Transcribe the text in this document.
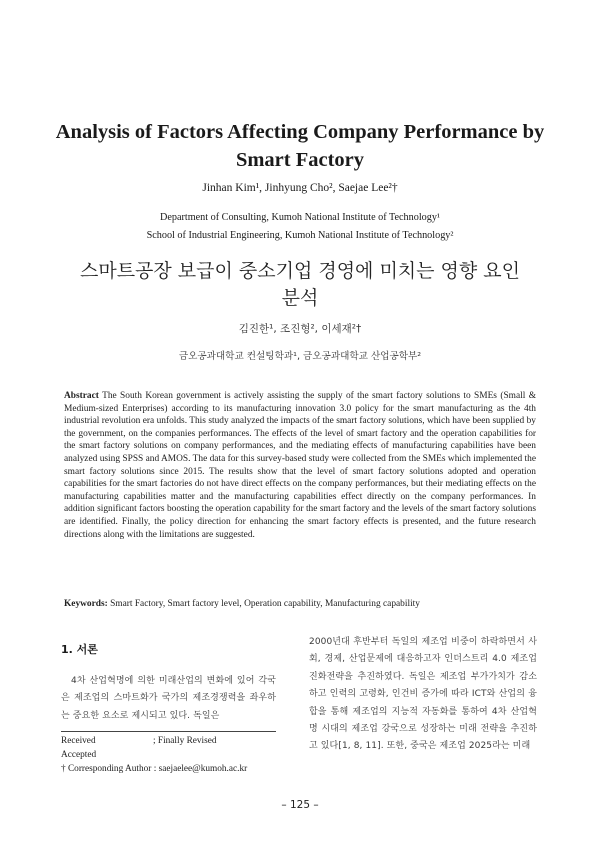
Analysis of Factors Affecting Company Performance by
Smart Factory
Jinhan Kim¹, Jinhyung Cho², Saejae Lee²†
Department of Consulting, Kumoh National Institute of Technology¹
School of Industrial Engineering, Kumoh National Institute of Technology²
스마트공장 보급이 중소기업 경영에 미치는 영향 요인
분석
김진한¹, 조진형², 이세재²†
금오공과대학교 컨설팅학과¹, 금오공과대학교 산업공학부²
Abstract The South Korean government is actively assisting the supply of the smart factory solutions to SMEs (Small & Medium-sized Enterprises) according to its manufacturing innovation 3.0 policy for the smart manufacturing as the 4th industrial revolution era unfolds. This study analyzed the impacts of the smart factory solutions, which have been supplied by the government, on the companies performances. The effects of the level of smart factory and the operation capabilities for the smart factory solutions on company performances, and the mediating effects of manufacturing capabilities have been analyzed using SPSS and AMOS. The data for this survey-based study were collected from the SMEs which implemented the smart factory solutions since 2015. The results show that the level of smart factory solutions adopted and operation capabilities for the smart factories do not have direct effects on the company performances, but their mediating effects on the manufacturing capabilities matter and the manufacturing capabilities effect directly on the company performances. In addition significant factors boosting the operation capability for the smart factory and the levels of the smart factory solutions are identified. Finally, the policy direction for enhancing the smart factory effects is presented, and the future research directions along with the limitations are suggested.
Keywords: Smart Factory, Smart factory level, Operation capability, Manufacturing capability
1. 서론

4차 산업혁명에 의한 미래산업의 변화에 있어 각국은 제조업의 스마트화가 국가의 제조경쟁력을 좌우하는 중요한 요소로 제시되고 있다. 독일은

Received	; Finally Revised
Accepted
† Corresponding Author : saejaelee@kumoh.ac.kr

2000년대 후반부터 독일의 제조업 비중이 하락하면서 사회, 경제, 산업문제에 대응하고자 인더스트리 4.0 제조업 진화전략을 추진하였다. 독일은 제조업 부가가치가 감소하고 인력의 고령화, 인건비 증가에 따라 ICT와 산업의 융합을 통해 제조업의 지능적 자동화를 통하여 4차 산업혁명 시대의 제조업 강국으로 성장하는 미래 전략을 추진하고 있다[1, 8, 11]. 또한, 중국은 제조업 2025라는 미래

– 125 –
